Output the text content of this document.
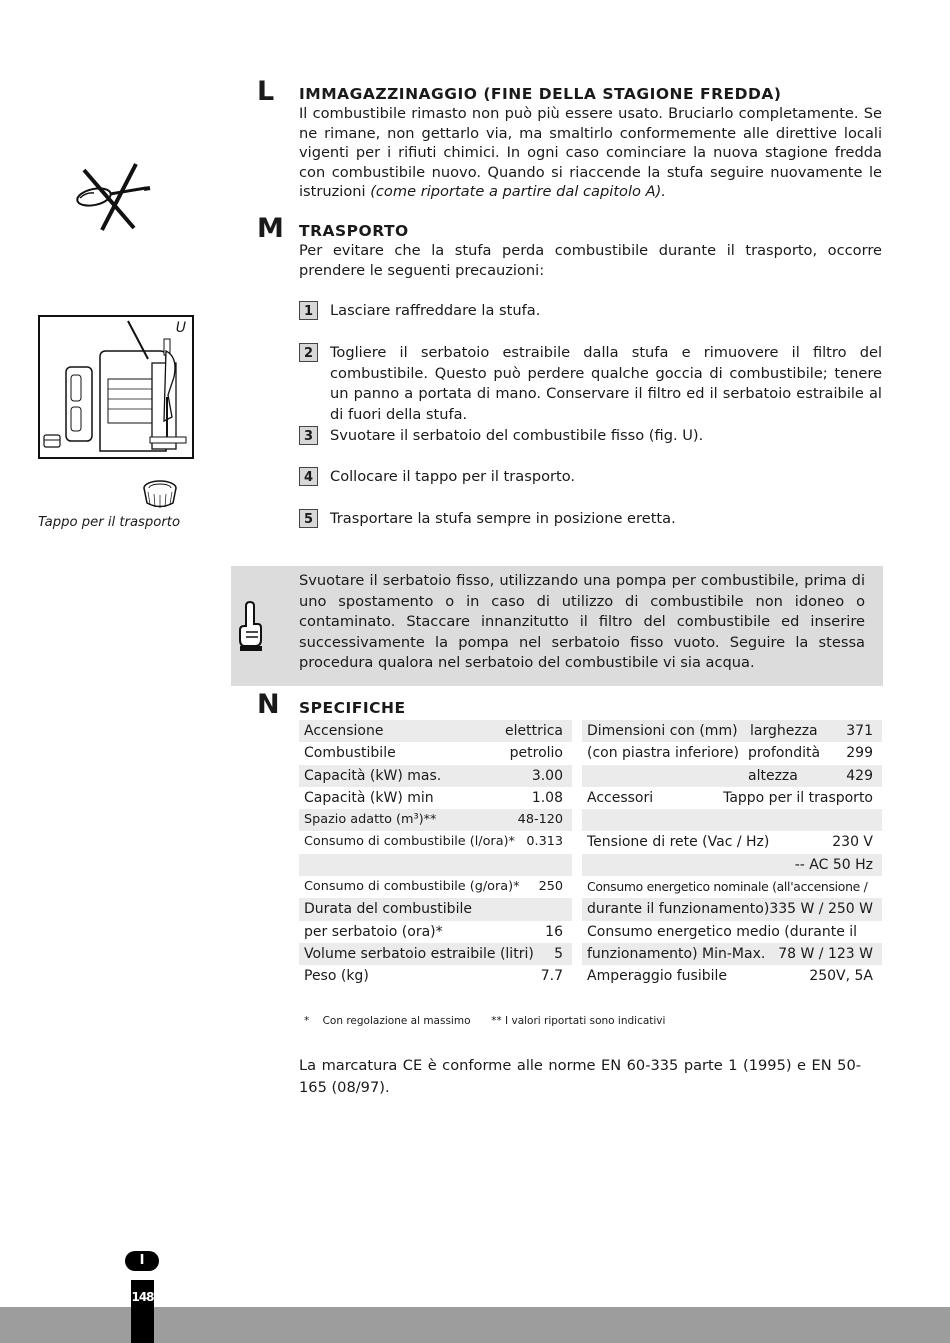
L IMMAGAZZINAGGIO (FINE DELLA STAGIONE FREDDA)
Il combustibile rimasto non può più essere usato. Bruciarlo completamente. Se ne rimane, non gettarlo via, ma smaltirlo conformemente alle direttive locali vigenti per i rifiuti chimici. In ogni caso cominciare la nuova stagione fredda con combustibile nuovo. Quando si riaccende la stufa seguire nuovamente le istruzioni (come riportate a partire dal capitolo A).
M TRASPORTO
Per evitare che la stufa perda combustibile durante il trasporto, occorre prendere le seguenti precauzioni:
1	Lasciare raffreddare la stufa.
2	Togliere il serbatoio estraibile dalla stufa e rimuovere il filtro del combustibile. Questo può perdere qualche goccia di combustibile; tenere un panno a portata di mano. Conservare il filtro ed il serbatoio estraibile al di fuori della stufa.
3	Svuotare il serbatoio del combustibile fisso (fig. U).
4	Collocare il tappo per il trasporto.
5	Trasportare la stufa sempre in posizione eretta.
U
Tappo per il trasporto
Svuotare il serbatoio fisso, utilizzando una pompa per combustibile, prima di uno spostamento o in caso di utilizzo di combustibile non idoneo o contaminato. Staccare innanzitutto il filtro del combustibile ed inserire successivamente la pompa nel serbatoio fisso vuoto. Seguire la stessa procedura qualora nel serbatoio del combustibile vi sia acqua.
N SPECIFICHE
Accensione	elettrica
Combustibile	petrolio
Capacità (kW) mas.	3.00
Capacità (kW) min	1.08
Spazio adatto (m³)**	48-120
Consumo di combustibile (l/ora)* 0.313
Consumo di combustibile (g/ora)* 250
Durata del combustibile
per serbatoio (ora)*	16
Volume serbatoio estraibile (litri) 5
Peso (kg)	7.7
Dimensioni con (mm) larghezza 371
(con piastra inferiore) profondità 299
altezza	429
Accessori	Tappo per il trasporto
Tensione di rete (Vac / Hz)	230 V
-- AC 50 Hz
Consumo energetico nominale (all'accensione /
durante il funzionamento) 335 W / 250 W
Consumo energetico medio (durante il
funzionamento) Min-Max. 78 W / 123 W
Amperaggio fusibile	250V, 5A
*    Con regolazione al massimo ** I valori riportati sono indicativi
La marcatura CE è conforme alle norme EN 60-335 parte 1 (1995) e EN 50-165 (08/97).
I
148
